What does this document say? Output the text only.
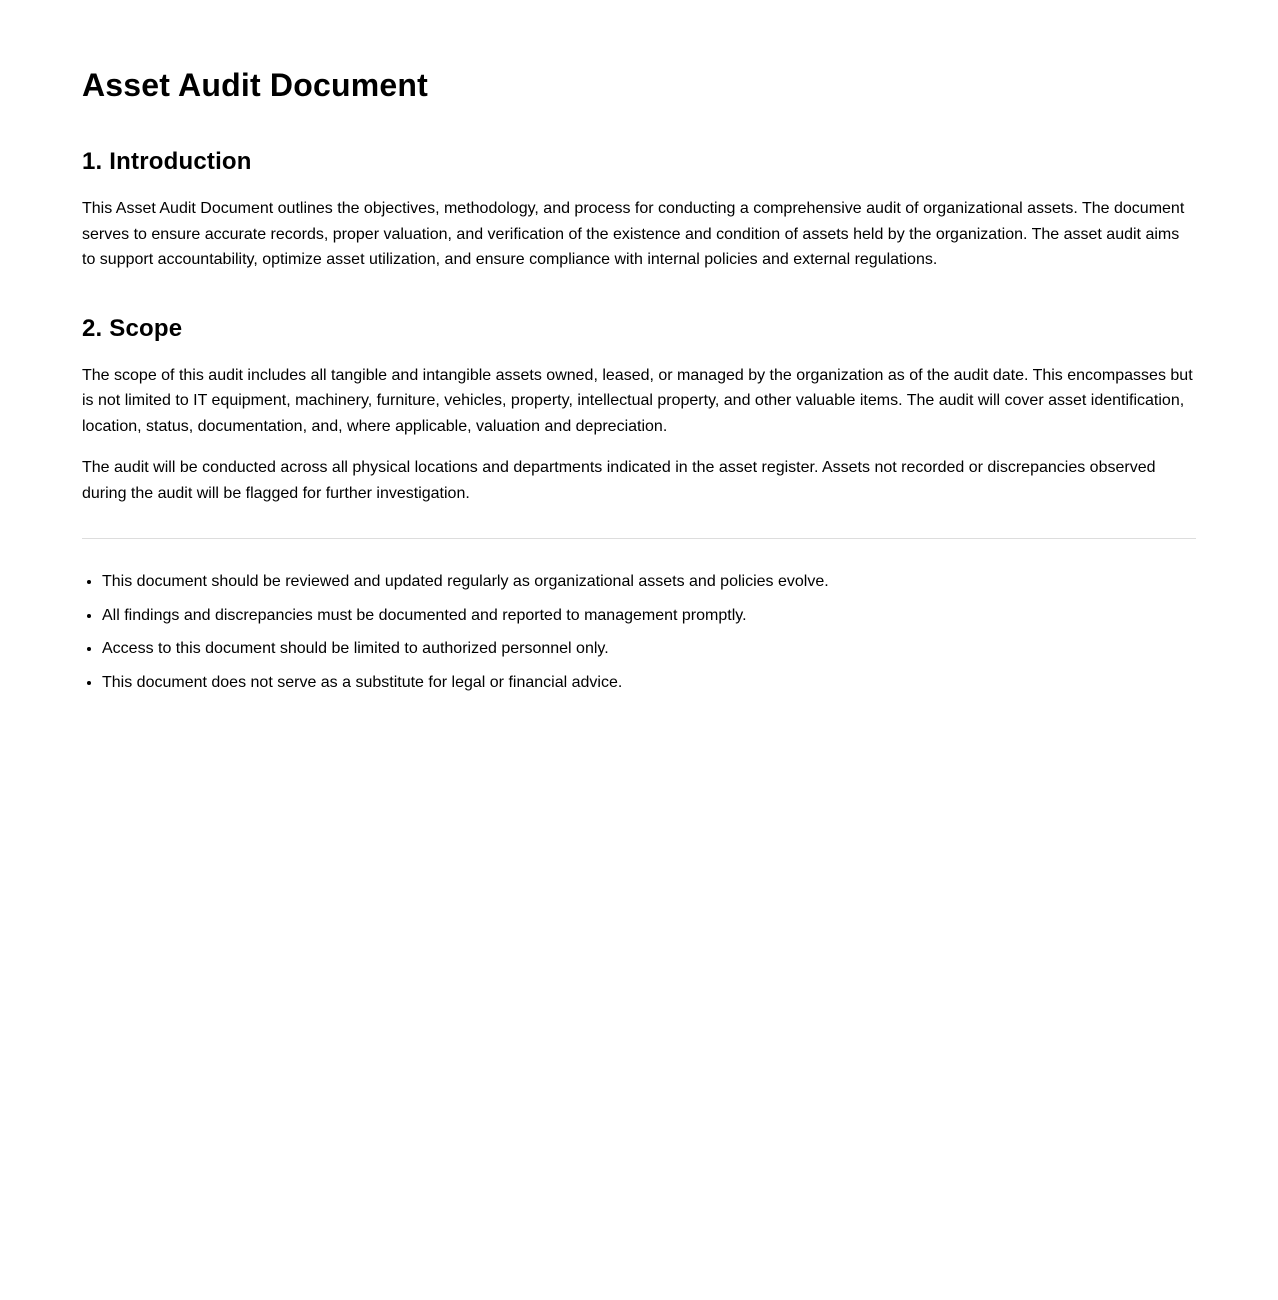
Asset Audit Document
1. Introduction

This Asset Audit Document outlines the objectives, methodology, and process for conducting a comprehensive audit of organizational assets. The document serves to ensure accurate records, proper valuation, and verification of the existence and condition of assets held by the organization. The asset audit aims to support accountability, optimize asset utilization, and ensure compliance with internal policies and external regulations.

2. Scope

The scope of this audit includes all tangible and intangible assets owned, leased, or managed by the organization as of the audit date. This encompasses but is not limited to IT equipment, machinery, furniture, vehicles, property, intellectual property, and other valuable items. The audit will cover asset identification, location, status, documentation, and, where applicable, valuation and depreciation.

The audit will be conducted across all physical locations and departments indicated in the asset register. Assets not recorded or discrepancies observed during the audit will be flagged for further investigation.

• This document should be reviewed and updated regularly as organizational assets and policies evolve.
• All findings and discrepancies must be documented and reported to management promptly.
• Access to this document should be limited to authorized personnel only.
• This document does not serve as a substitute for legal or financial advice.
